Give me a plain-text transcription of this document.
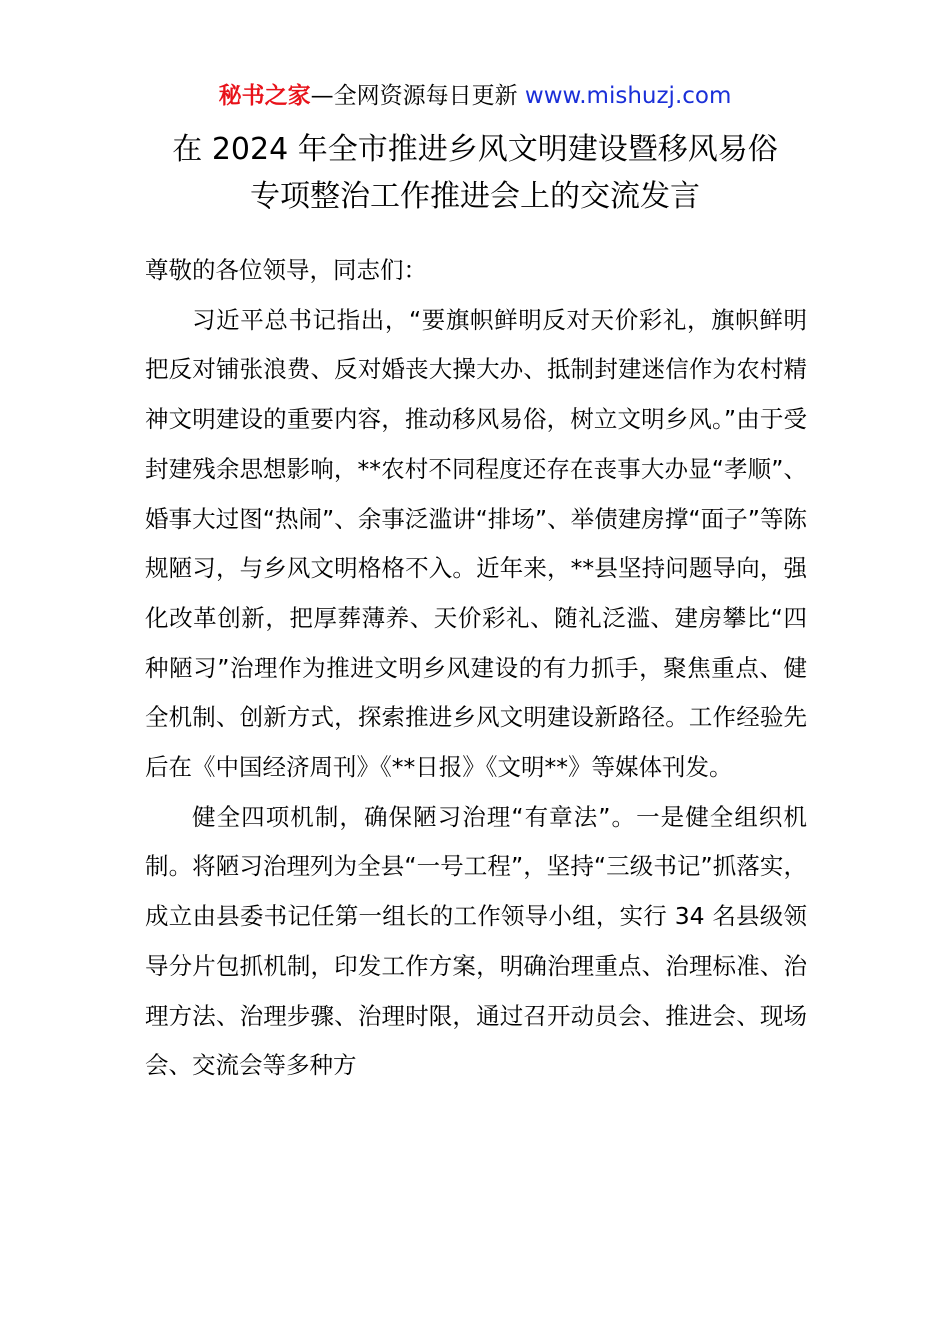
秘书之家—全网资源每日更新 www.mishuzj.com
在 2024 年全市推进乡风文明建设暨移风易俗
专项整治工作推进会上的交流发言

尊敬的各位领导，同志们：

习近平总书记指出，“要旗帜鲜明反对天价彩礼，旗帜鲜明把反对铺张浪费、反对婚丧大操大办、抵制封建迷信作为农村精神文明建设的重要内容，推动移风易俗，树立文明乡风。”由于受封建残余思想影响，**农村不同程度还存在丧事大办显“孝顺”、婚事大过图“热闹”、余事泛滥讲“排场”、举债建房撑“面子”等陈规陋习，与乡风文明格格不入。近年来，**县坚持问题导向，强化改革创新，把厚葬薄养、天价彩礼、随礼泛滥、建房攀比“四种陋习”治理作为推进文明乡风建设的有力抓手，聚焦重点、健全机制、创新方式，探索推进乡风文明建设新路径。工作经验先后在《中国经济周刊》《**日报》《文明**》等媒体刊发。

健全四项机制，确保陋习治理“有章法”。一是健全组织机制。将陋习治理列为全县“一号工程”，坚持“三级书记”抓落实，成立由县委书记任第一组长的工作领导小组，实行 34 名县级领导分片包抓机制，印发工作方案，明确治理重点、治理标准、治理方法、治理步骤、治理时限，通过召开动员会、推进会、现场会、交流会等多种方
